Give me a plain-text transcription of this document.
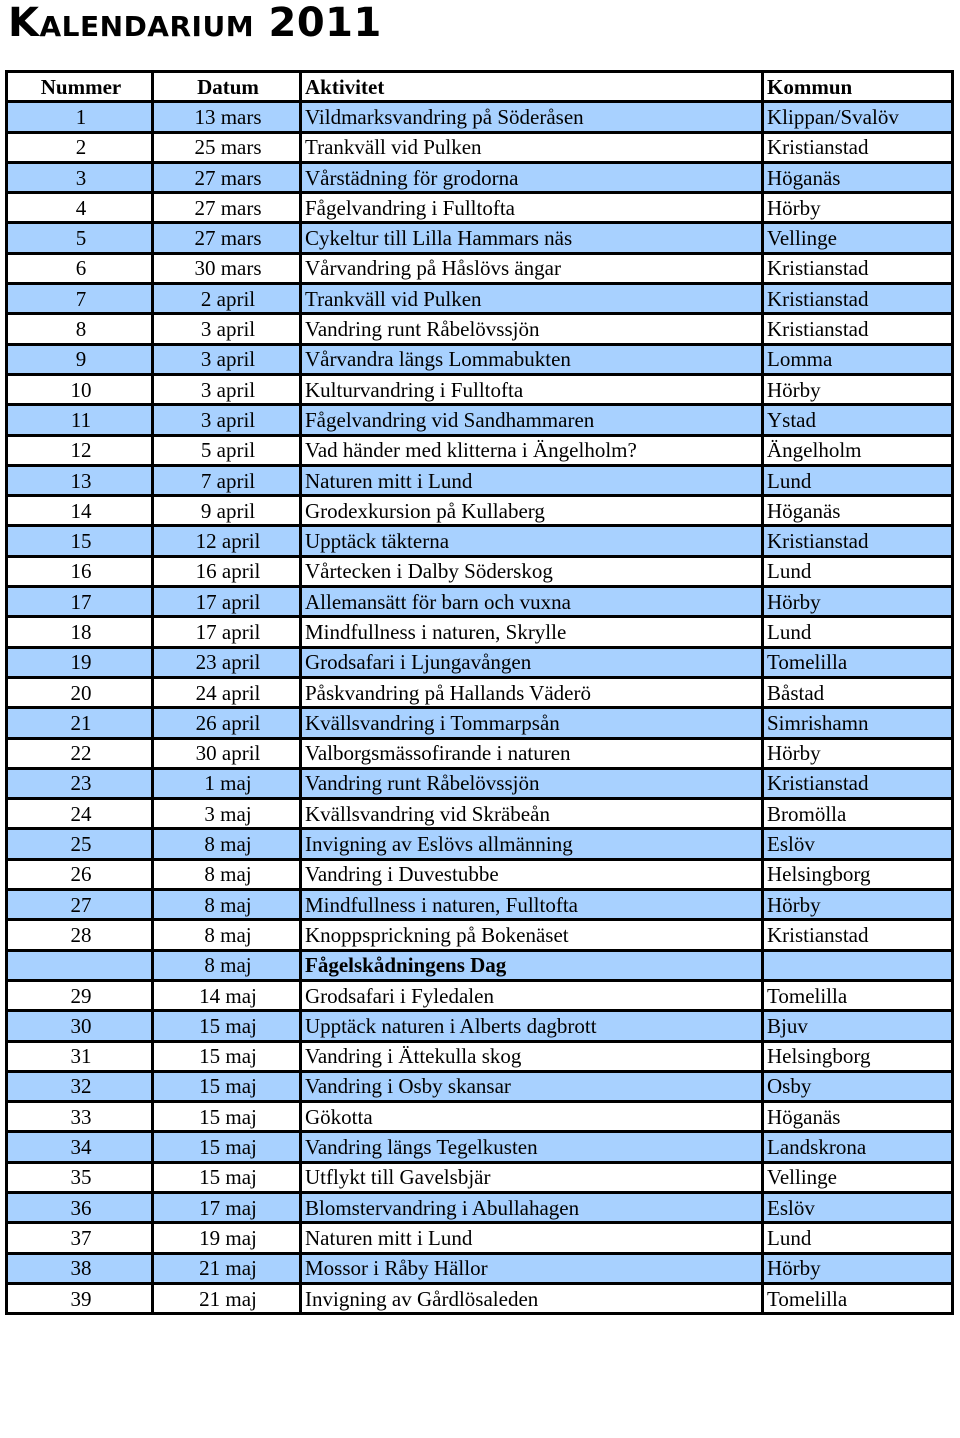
Kalendarium 2011
Nummer	Datum	Aktivitet	Kommun
1	13 mars	Vildmarksvandring på Söderåsen	Klippan/Svalöv
2	25 mars	Trankväll vid Pulken	Kristianstad
3	27 mars	Vårstädning för grodorna	Höganäs
4	27 mars	Fågelvandring i Fulltofta	Hörby
5	27 mars	Cykeltur till Lilla Hammars näs	Vellinge
6	30 mars	Vårvandring på Håslövs ängar	Kristianstad
7	2 april	Trankväll vid Pulken	Kristianstad
8	3 april	Vandring runt Råbelövssjön	Kristianstad
9	3 april	Vårvandra längs Lommabukten	Lomma
10	3 april	Kulturvandring i Fulltofta	Hörby
11	3 april	Fågelvandring vid Sandhammaren	Ystad
12	5 april	Vad händer med klitterna i Ängelholm?	Ängelholm
13	7 april	Naturen mitt i Lund	Lund
14	9 april	Grodexkursion på Kullaberg	Höganäs
15	12 april	Upptäck täkterna	Kristianstad
16	16 april	Vårtecken i Dalby Söderskog	Lund
17	17 april	Allemansätt för barn och vuxna	Hörby
18	17 april	Mindfullness i naturen, Skrylle	Lund
19	23 april	Grodsafari i Ljungavången	Tomelilla
20	24 april	Påskvandring på Hallands Väderö	Båstad
21	26 april	Kvällsvandring i Tommarpsån	Simrishamn
22	30 april	Valborgsmässofirande i naturen	Hörby
23	1 maj	Vandring runt Råbelövssjön	Kristianstad
24	3 maj	Kvällsvandring vid Skräbeån	Bromölla
25	8 maj	Invigning av Eslövs allmänning	Eslöv
26	8 maj	Vandring i Duvestubbe	Helsingborg
27	8 maj	Mindfullness i naturen, Fulltofta	Hörby
28	8 maj	Knoppsprickning på Bokenäset	Kristianstad
	8 maj	Fågelskådningens Dag	
29	14 maj	Grodsafari i Fyledalen	Tomelilla
30	15 maj	Upptäck naturen i Alberts dagbrott	Bjuv
31	15 maj	Vandring i Ättekulla skog	Helsingborg
32	15 maj	Vandring i Osby skansar	Osby
33	15 maj	Gökotta	Höganäs
34	15 maj	Vandring längs Tegelkusten	Landskrona
35	15 maj	Utflykt till Gavelsbjär	Vellinge
36	17 maj	Blomstervandring i Abullahagen	Eslöv
37	19 maj	Naturen mitt i Lund	Lund
38	21 maj	Mossor i Råby Hällor	Hörby
39	21 maj	Invigning av Gårdlösaleden	Tomelilla
